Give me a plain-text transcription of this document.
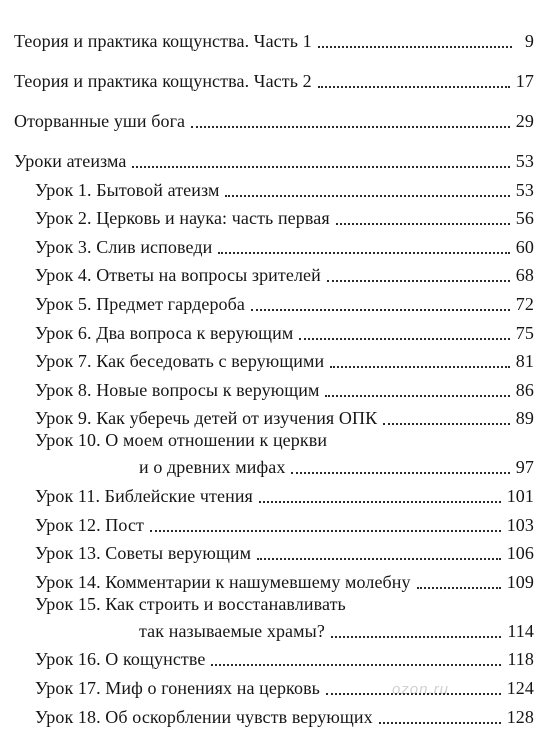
Теория и практика кощунства. Часть 1	9
Теория и практика кощунства. Часть 2	17
Оторванные уши бога	29
Уроки атеизма	53
Урок 1. Бытовой атеизм	53
Урок 2. Церковь и наука: часть первая	56
Урок 3. Слив исповеди	60
Урок 4. Ответы на вопросы зрителей	68
Урок 5. Предмет гардероба	72
Урок 6. Два вопроса к верующим	75
Урок 7. Как беседовать с верующими	81
Урок 8. Новые вопросы к верующим	86
Урок 9. Как уберечь детей от изучения ОПК	89
Урок 10. О моем отношении к церкви
и о древних мифах	97
Урок 11. Библейские чтения	101
Урок 12. Пост	103
Урок 13. Советы верующим	106
Урок 14. Комментарии к нашумевшему молебну	109
Урок 15. Как строить и восстанавливать
так называемые храмы?	114
Урок 16. О кощунстве	118
Урок 17. Миф о гонениях на церковь	124
Урок 18. Об оскорблении чувств верующих	128
ozon.ru
